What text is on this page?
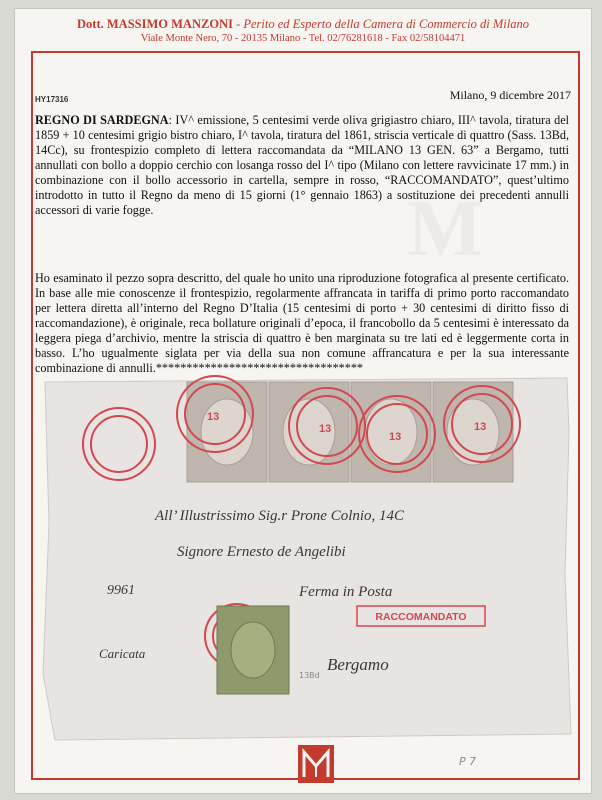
Dott. MASSIMO MANZONI - Perito ed Esperto della Camera di Commercio di Milano
Viale Monte Nero, 70 - 20135 Milano - Tel. 02/76281618 - Fax 02/58104471
M
HY17316	Milano, 9 dicembre 2017
REGNO DI SARDEGNA: IV^ emissione, 5 centesimi verde oliva grigiastro chiaro, III^ tavola, tiratura del 1859 + 10 centesimi grigio bistro chiaro, I^ tavola, tiratura del 1861, striscia verticale di quattro (Sass. 13Bd, 14Cc), su frontespizio completo di lettera raccomandata da “MILANO 13 GEN. 63” a Bergamo, tutti annullati con bollo a doppio cerchio con losanga rosso del I^ tipo (Milano con lettere ravvicinate 17 mm.) in combinazione con il bollo accessorio in cartella, sempre in rosso, “RACCOMANDATO”, quest’ultimo introdotto in tutto il Regno da meno di 15 giorni (1° gennaio 1863) a sostituzione dei precedenti annulli accessori di varie fogge.
Ho esaminato il pezzo sopra descritto, del quale ho unito una riproduzione fotografica al presente certificato. In base alle mie conoscenze il frontespizio, regolarmente affrancata in tariffa di primo porto raccomandato per lettera diretta all’interno del Regno D’Italia (15 centesimi di porto + 30 centesimi di diritto fisso di raccomandazione), è originale, reca bollature originali d’epoca, il francobollo da 5 centesimi è interessato da leggera piega d’archivio, mentre la striscia di quattro è ben marginata su tre lati ed è leggermente corta in basso. L’ho ugualmente siglata per via della sua non comune affrancatura e per la sua interessante combinazione di annulli.**********************************
13
13
13
13
RACCOMANDATO
All’ Illustrissimo Sig.r Prone Colnio, 14C
Signore Ernesto de Angelibi
Ferma in Posta
Bergamo
9961
Caricata
13Bd
P 7
